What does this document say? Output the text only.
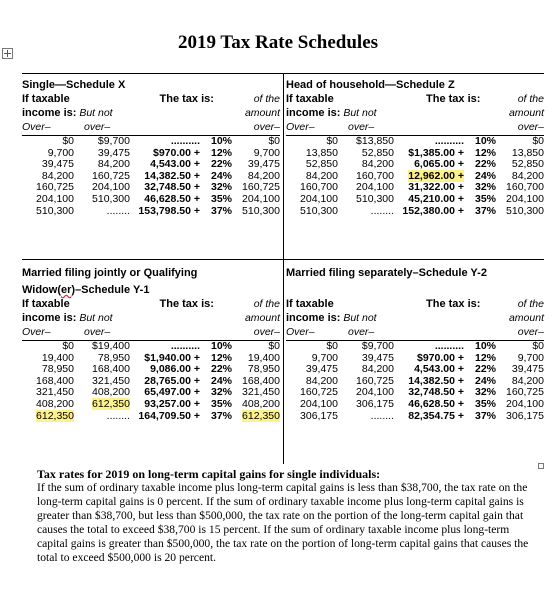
2019 Tax Rate Schedules
Single—Schedule X
If taxable	The tax is:	of the
income is: But not	amount
Over–	over–	over–
$0	$9,700	..........	10%	$0
9,700	39,475	$970.00 +	12%	9,700
39,475	84,200	4,543.00 +	22%	39,475
84,200	160,725	14,382.50 +	24%	84,200
160,725	204,100	32,748.50 +	32%	160,725
204,100	510,300	46,628.50 +	35%	204,100
510,300	........	153,798.50 +	37%	510,300
Head of household—Schedule Z
If taxable	The tax is:	of the
income is: But not	amount
Over–	over–	over–
$0	$13,850	..........	10%	$0
13,850	52,850	$1,385.00 +	12%	13,850
52,850	84,200	6,065.00 +	22%	52,850
84,200	160,700	12,962.00 +	24%	84,200
160,700	204,100	31,322.00 +	32%	160,700
204,100	510,300	45,210.00 +	35%	204,100
510,300	........	152,380.00 +	37%	510,300
Married filing jointly or Qualifying
Widow(er)–Schedule Y-1
If taxable	The tax is:	of the
income is: But not	amount
Over–	over–	over–
$0	$19,400	..........	10%	$0
19,400	78,950	$1,940.00 +	12%	19,400
78,950	168,400	9,086.00 +	22%	78,950
168,400	321,450	28,765.00 +	24%	168,400
321,450	408,200	65,497.00 +	32%	321,450
408,200	612,350	93,257.00 +	35%	408,200
612,350	........	164,709.50 +	37%	612,350
Married filing separately–Schedule Y-2
If taxable	The tax is:	of the
income is: But not	amount
Over–	over–	over–
$0	$9,700	..........	10%	$0
9,700	39,475	$970.00 +	12%	9,700
39,475	84,200	4,543.00 +	22%	39,475
84,200	160,725	14,382.50 +	24%	84,200
160,725	204,100	32,748.50 +	32%	160,725
204,100	306,175	46,628.50 +	35%	204,100
306,175	........	82,354.75 +	37%	306,175
Tax rates for 2019 on long-term capital gains for single individuals:
If the sum of ordinary taxable income plus long-term capital gains is less than $38,700, the tax rate on the long-term capital gains is 0 percent. If the sum of ordinary taxable income plus long-term capital gains is greater than $38,700, but less than $500,000, the tax rate on the portion of the long-term capital gain that causes the total to exceed $38,700 is 15 percent. If the sum of ordinary taxable income plus long-term capital gains is greater than $500,000, the tax rate on the portion of long-term capital gains that causes the total to exceed $500,000 is 20 percent.
